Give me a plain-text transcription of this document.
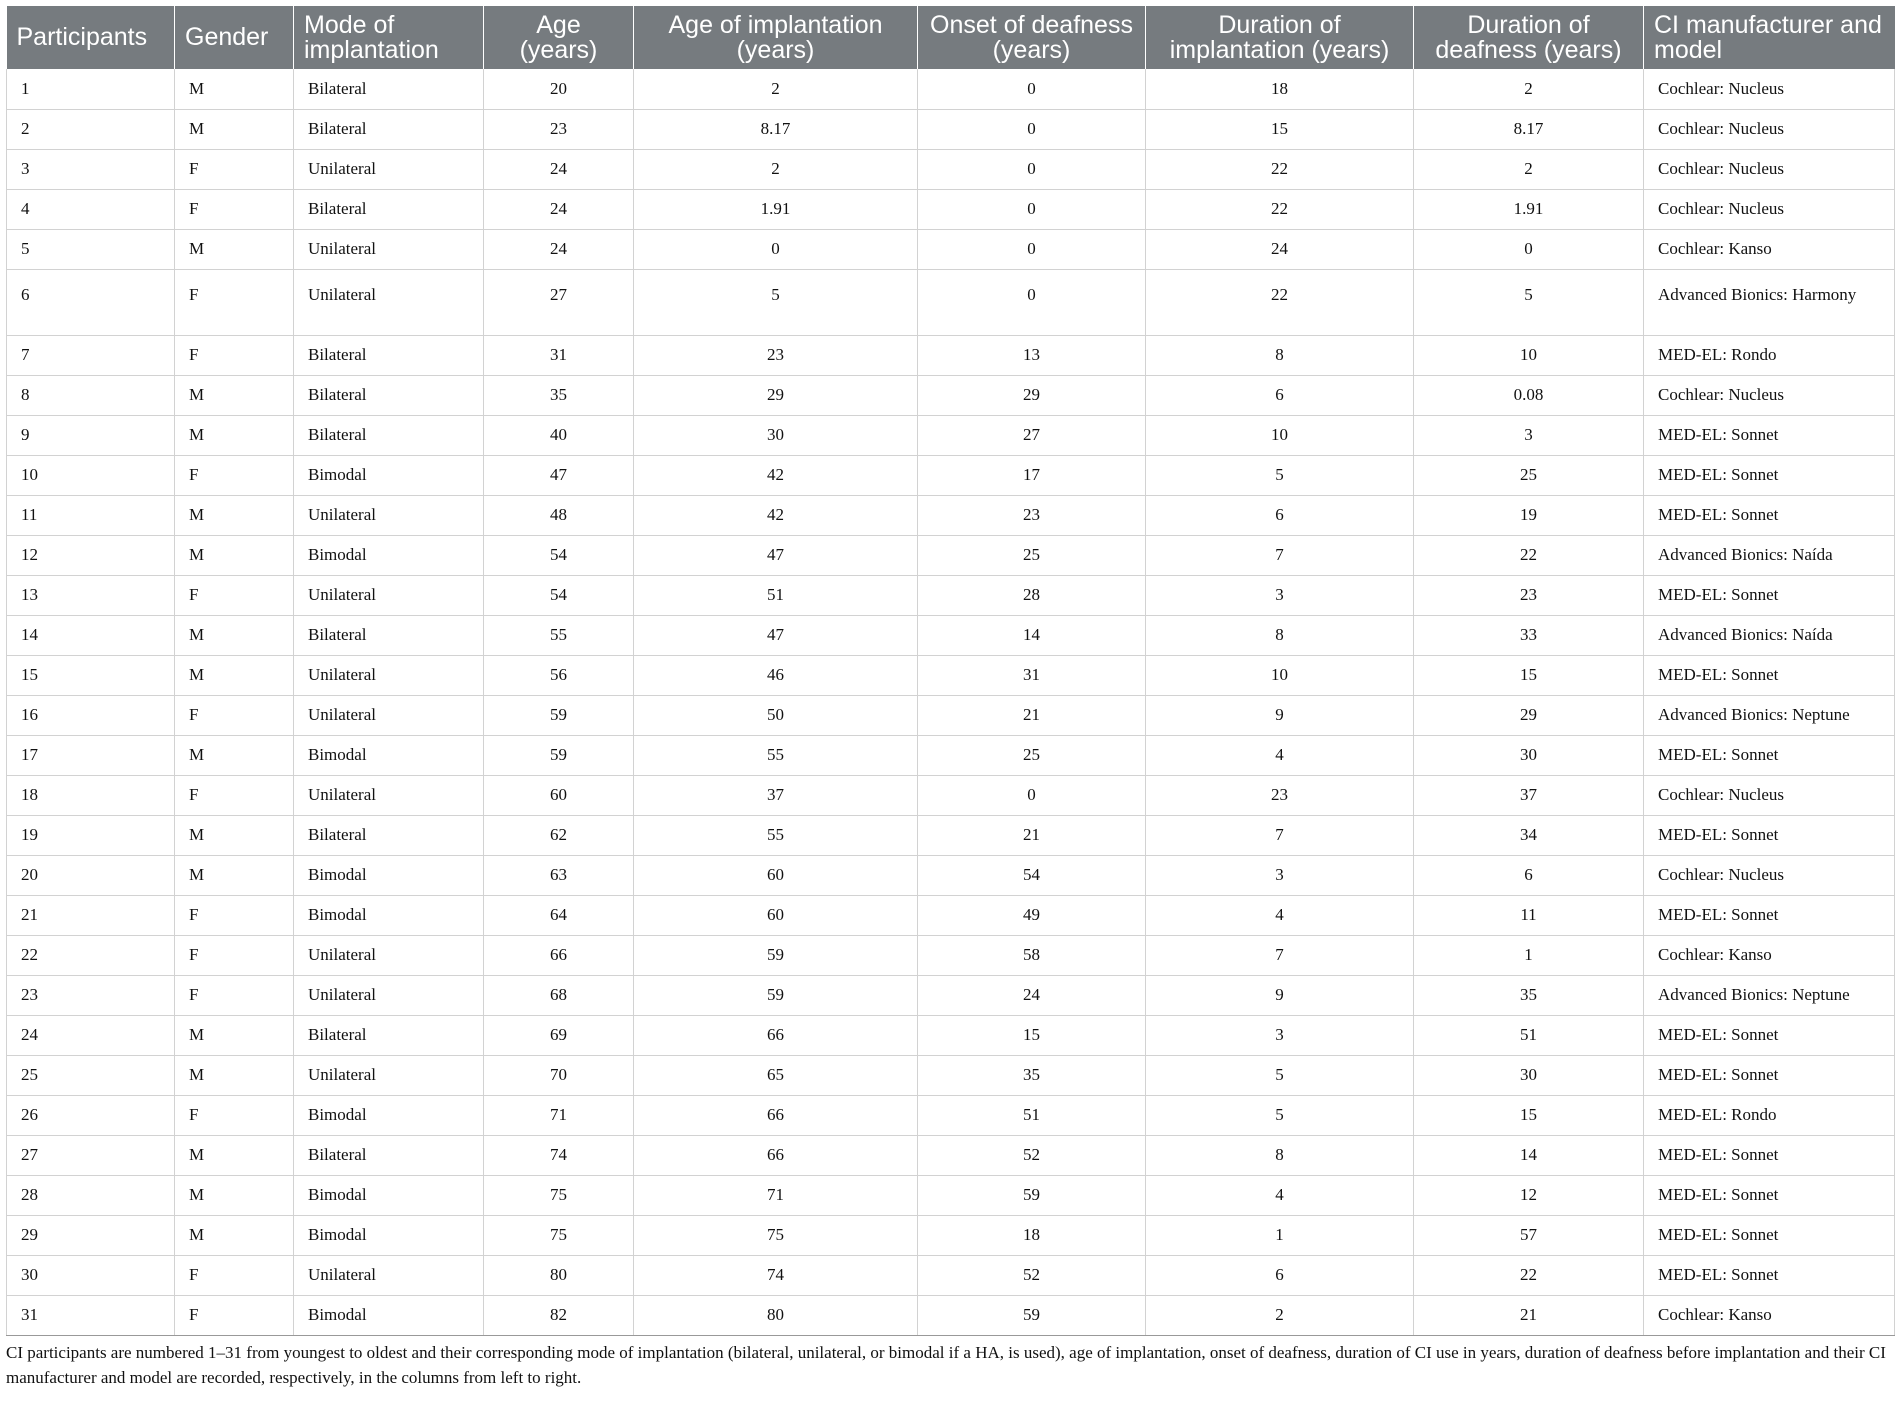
Participants	Gender	Mode of implantation	Age (years)	Age of implantation (years)	Onset of deafness (years)	Duration of implantation (years)	Duration of deafness (years)	CI manufacturer and model
1	M	Bilateral	20	2	0	18	2	Cochlear: Nucleus
2	M	Bilateral	23	8.17	0	15	8.17	Cochlear: Nucleus
3	F	Unilateral	24	2	0	22	2	Cochlear: Nucleus
4	F	Bilateral	24	1.91	0	22	1.91	Cochlear: Nucleus
5	M	Unilateral	24	0	0	24	0	Cochlear: Kanso
6	F	Unilateral	27	5	0	22	5	Advanced Bionics: Harmony
7	F	Bilateral	31	23	13	8	10	MED-EL: Rondo
8	M	Bilateral	35	29	29	6	0.08	Cochlear: Nucleus
9	M	Bilateral	40	30	27	10	3	MED-EL: Sonnet
10	F	Bimodal	47	42	17	5	25	MED-EL: Sonnet
11	M	Unilateral	48	42	23	6	19	MED-EL: Sonnet
12	M	Bimodal	54	47	25	7	22	Advanced Bionics: Naída
13	F	Unilateral	54	51	28	3	23	MED-EL: Sonnet
14	M	Bilateral	55	47	14	8	33	Advanced Bionics: Naída
15	M	Unilateral	56	46	31	10	15	MED-EL: Sonnet
16	F	Unilateral	59	50	21	9	29	Advanced Bionics: Neptune
17	M	Bimodal	59	55	25	4	30	MED-EL: Sonnet
18	F	Unilateral	60	37	0	23	37	Cochlear: Nucleus
19	M	Bilateral	62	55	21	7	34	MED-EL: Sonnet
20	M	Bimodal	63	60	54	3	6	Cochlear: Nucleus
21	F	Bimodal	64	60	49	4	11	MED-EL: Sonnet
22	F	Unilateral	66	59	58	7	1	Cochlear: Kanso
23	F	Unilateral	68	59	24	9	35	Advanced Bionics: Neptune
24	M	Bilateral	69	66	15	3	51	MED-EL: Sonnet
25	M	Unilateral	70	65	35	5	30	MED-EL: Sonnet
26	F	Bimodal	71	66	51	5	15	MED-EL: Rondo
27	M	Bilateral	74	66	52	8	14	MED-EL: Sonnet
28	M	Bimodal	75	71	59	4	12	MED-EL: Sonnet
29	M	Bimodal	75	75	18	1	57	MED-EL: Sonnet
30	F	Unilateral	80	74	52	6	22	MED-EL: Sonnet
31	F	Bimodal	82	80	59	2	21	Cochlear: Kanso
CI participants are numbered 1–31 from youngest to oldest and their corresponding mode of implantation (bilateral, unilateral, or bimodal if a HA, is used), age of implantation, onset of deafness, duration of CI use in years, duration of deafness before implantation and their CI manufacturer and model are recorded, respectively, in the columns from left to right.
